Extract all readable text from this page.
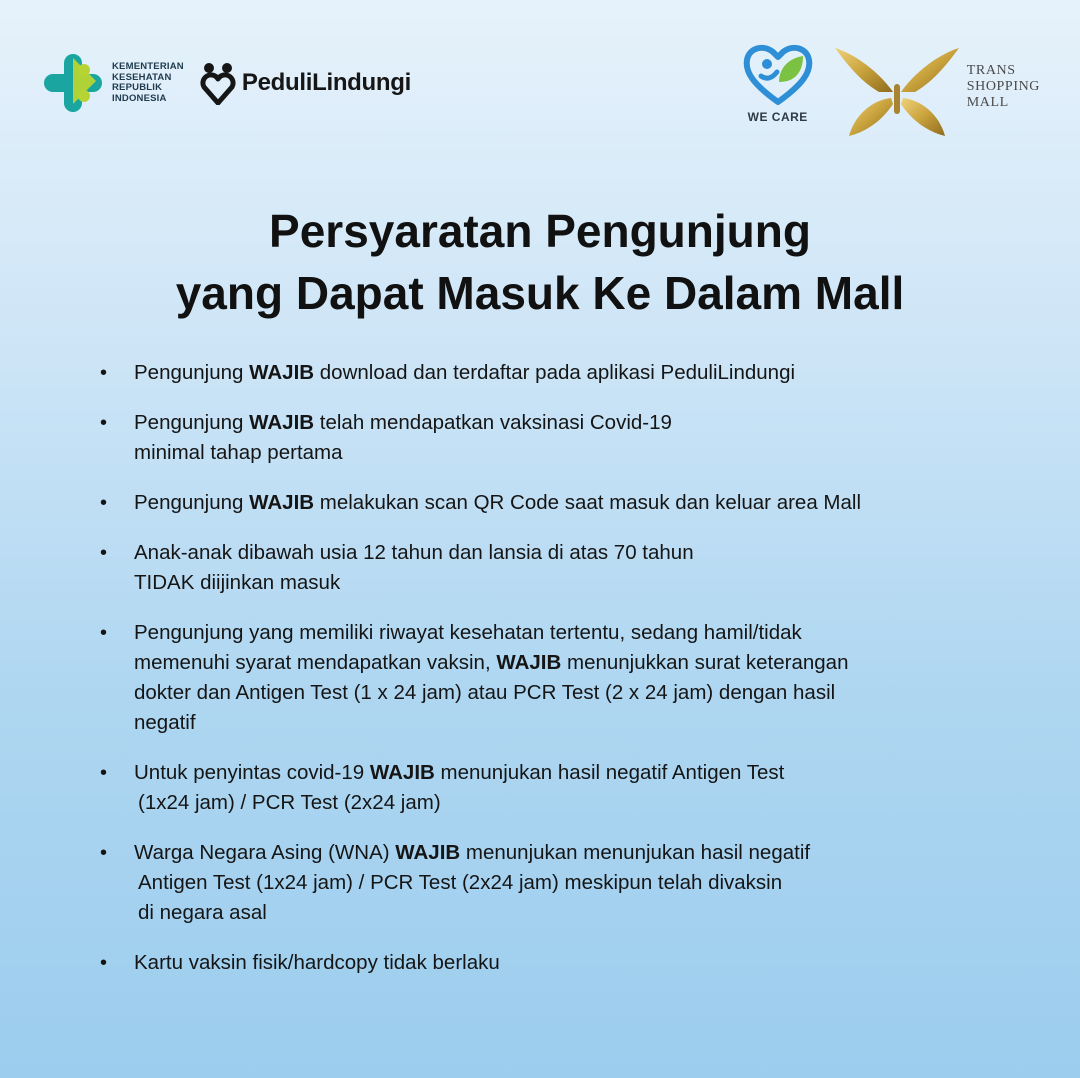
KEMENTERIAN
KESEHATAN
REPUBLIK
INDONESIA
PeduliLindungi
WE CARE
TRANS
SHOPPING
MALL
Persyaratan Pengunjung
yang Dapat Masuk Ke Dalam Mall
• Pengunjung WAJIB download dan terdaftar pada aplikasi PeduliLindungi
• Pengunjung WAJIB telah mendapatkan vaksinasi Covid-19
minimal tahap pertama
• Pengunjung WAJIB melakukan scan QR Code saat masuk dan keluar area Mall
• Anak-anak dibawah usia 12 tahun dan lansia di atas 70 tahun
TIDAK diijinkan masuk
• Pengunjung yang memiliki riwayat kesehatan tertentu, sedang hamil/tidak
memenuhi syarat mendapatkan vaksin, WAJIB menunjukkan surat keterangan
dokter dan Antigen Test (1 x 24 jam) atau PCR Test (2 x 24 jam) dengan hasil
negatif
• Untuk penyintas covid-19 WAJIB menunjukan hasil negatif Antigen Test
(1x24 jam) / PCR Test (2x24 jam)
• Warga Negara Asing (WNA) WAJIB menunjukan menunjukan hasil negatif
Antigen Test (1x24 jam) / PCR Test (2x24 jam) meskipun telah divaksin
di negara asal
• Kartu vaksin fisik/hardcopy tidak berlaku
